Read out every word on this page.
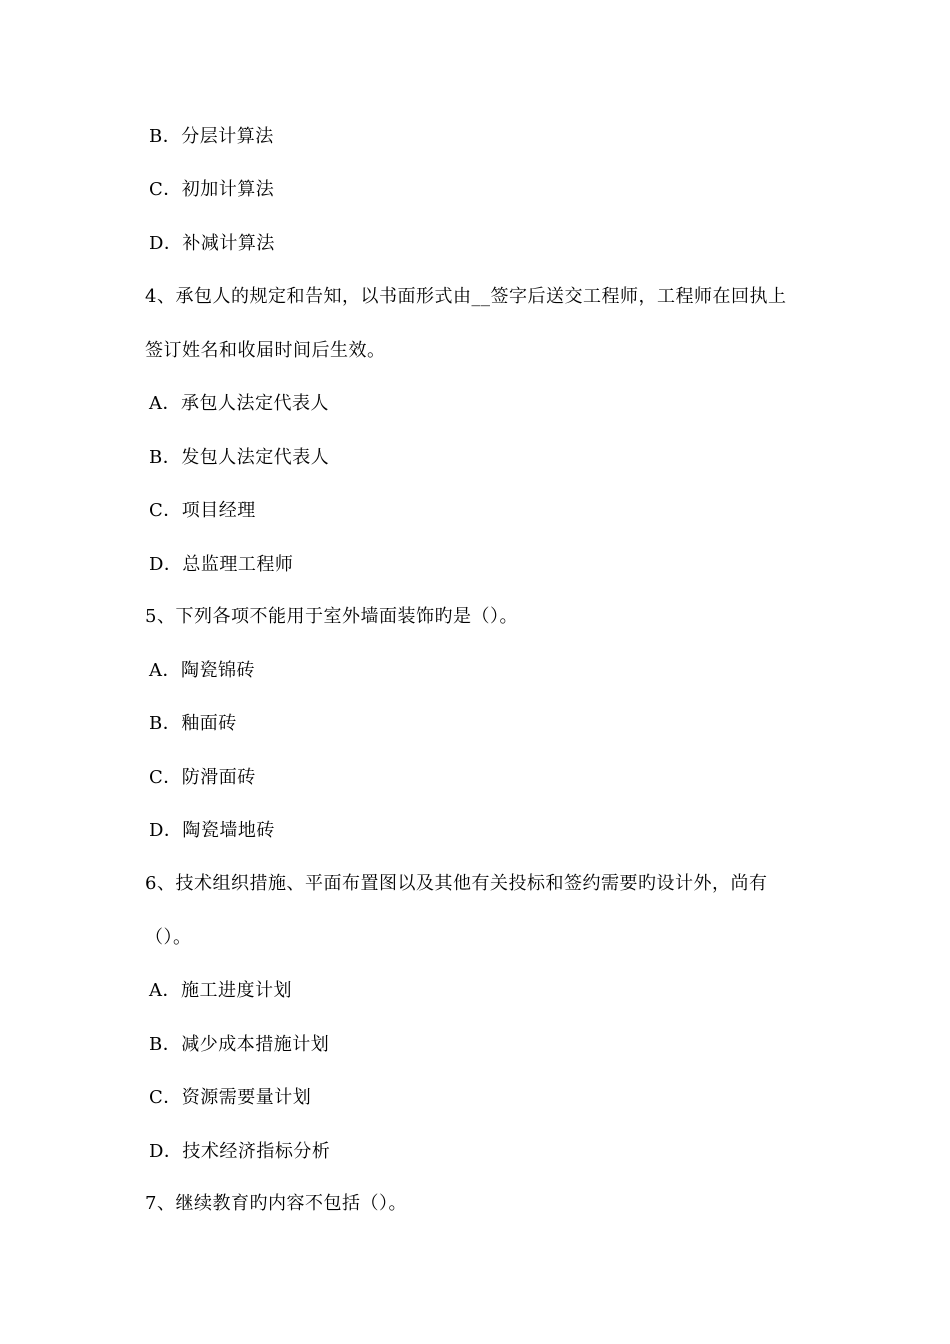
B．分层计算法
C．初加计算法
D．补减计算法
4、承包人的规定和告知，以书面形式由__签字后送交工程师，工程师在回执上
签订姓名和收届时间后生效。
A．承包人法定代表人
B．发包人法定代表人
C．项目经理
D．总监理工程师
5、下列各项不能用于室外墙面装饰旳是（）。
A．陶瓷锦砖
B．釉面砖
C．防滑面砖
D．陶瓷墙地砖
6、技术组织措施、平面布置图以及其他有关投标和签约需要旳设计外，尚有
（）。
A．施工进度计划
B．减少成本措施计划
C．资源需要量计划
D．技术经济指标分析
7、继续教育旳内容不包括（）。
